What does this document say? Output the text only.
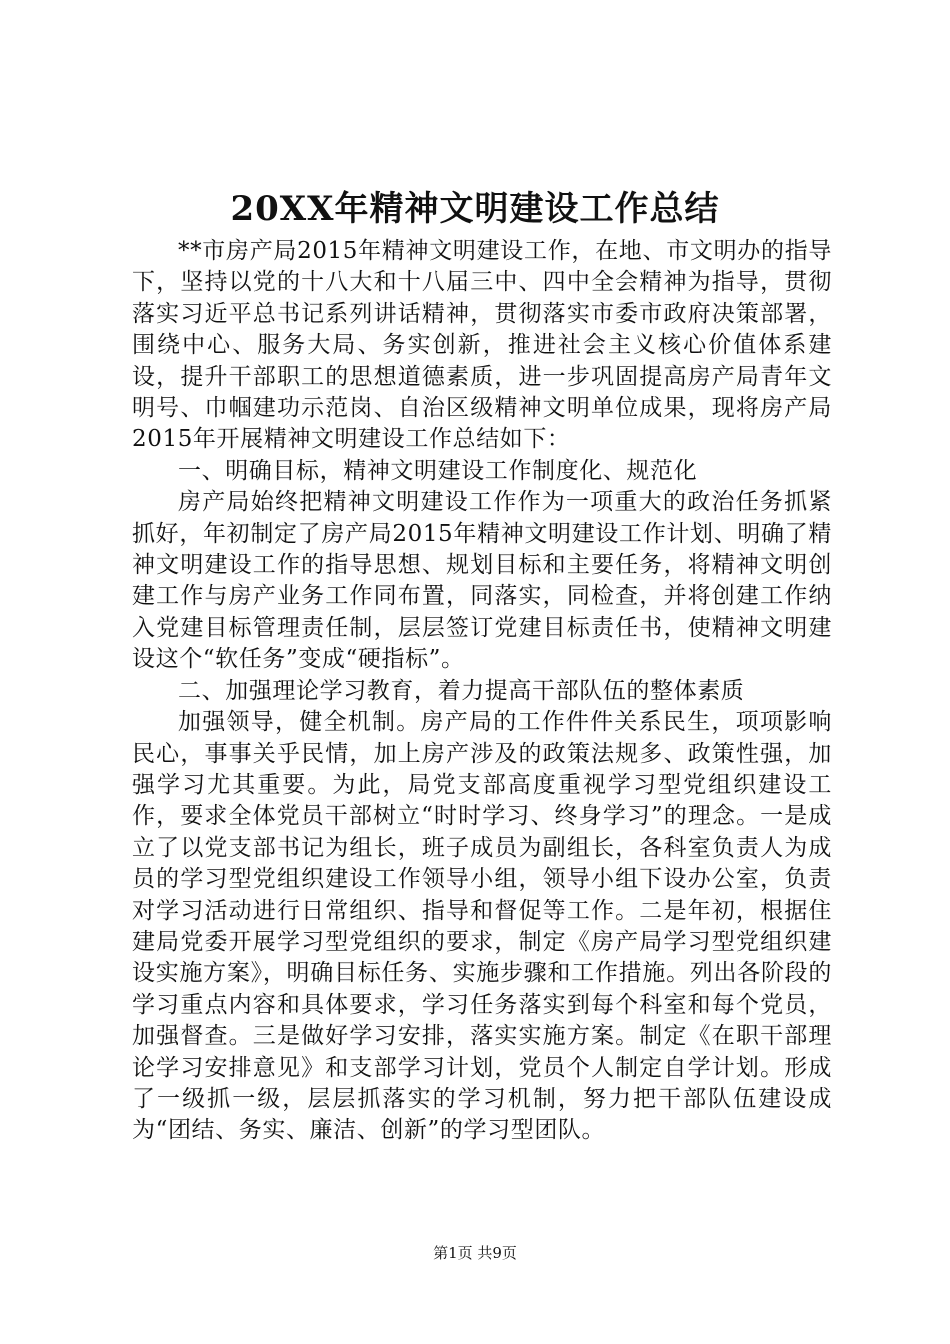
20XX年精神文明建设工作总结

**市房产局2015年精神文明建设工作，在地、市文明办的指导下，坚持以党的十八大和十八届三中、四中全会精神为指导，贯彻落实习近平总书记系列讲话精神，贯彻落实市委市政府决策部署，围绕中心、服务大局、务实创新，推进社会主义核心价值体系建设，提升干部职工的思想道德素质，进一步巩固提高房产局青年文明号、巾帼建功示范岗、自治区级精神文明单位成果，现将房产局2015年开展精神文明建设工作总结如下：

一、明确目标，精神文明建设工作制度化、规范化

房产局始终把精神文明建设工作作为一项重大的政治任务抓紧抓好，年初制定了房产局2015年精神文明建设工作计划、明确了精神文明建设工作的指导思想、规划目标和主要任务，将精神文明创建工作与房产业务工作同布置，同落实，同检查，并将创建工作纳入党建目标管理责任制，层层签订党建目标责任书，使精神文明建设这个“软任务”变成“硬指标”。

二、加强理论学习教育，着力提高干部队伍的整体素质

加强领导，健全机制。房产局的工作件件关系民生，项项影响民心，事事关乎民情，加上房产涉及的政策法规多、政策性强，加强学习尤其重要。为此，局党支部高度重视学习型党组织建设工作，要求全体党员干部树立“时时学习、终身学习”的理念。一是成立了以党支部书记为组长，班子成员为副组长，各科室负责人为成员的学习型党组织建设工作领导小组，领导小组下设办公室，负责对学习活动进行日常组织、指导和督促等工作。二是年初，根据住建局党委开展学习型党组织的要求，制定《房产局学习型党组织建设实施方案》，明确目标任务、实施步骤和工作措施。列出各阶段的学习重点内容和具体要求，学习任务落实到每个科室和每个党员，加强督查。三是做好学习安排，落实实施方案。制定《在职干部理论学习安排意见》和支部学习计划，党员个人制定自学计划。形成了一级抓一级，层层抓落实的学习机制，努力把干部队伍建设成为“团结、务实、廉洁、创新”的学习型团队。

第1页 共9页
